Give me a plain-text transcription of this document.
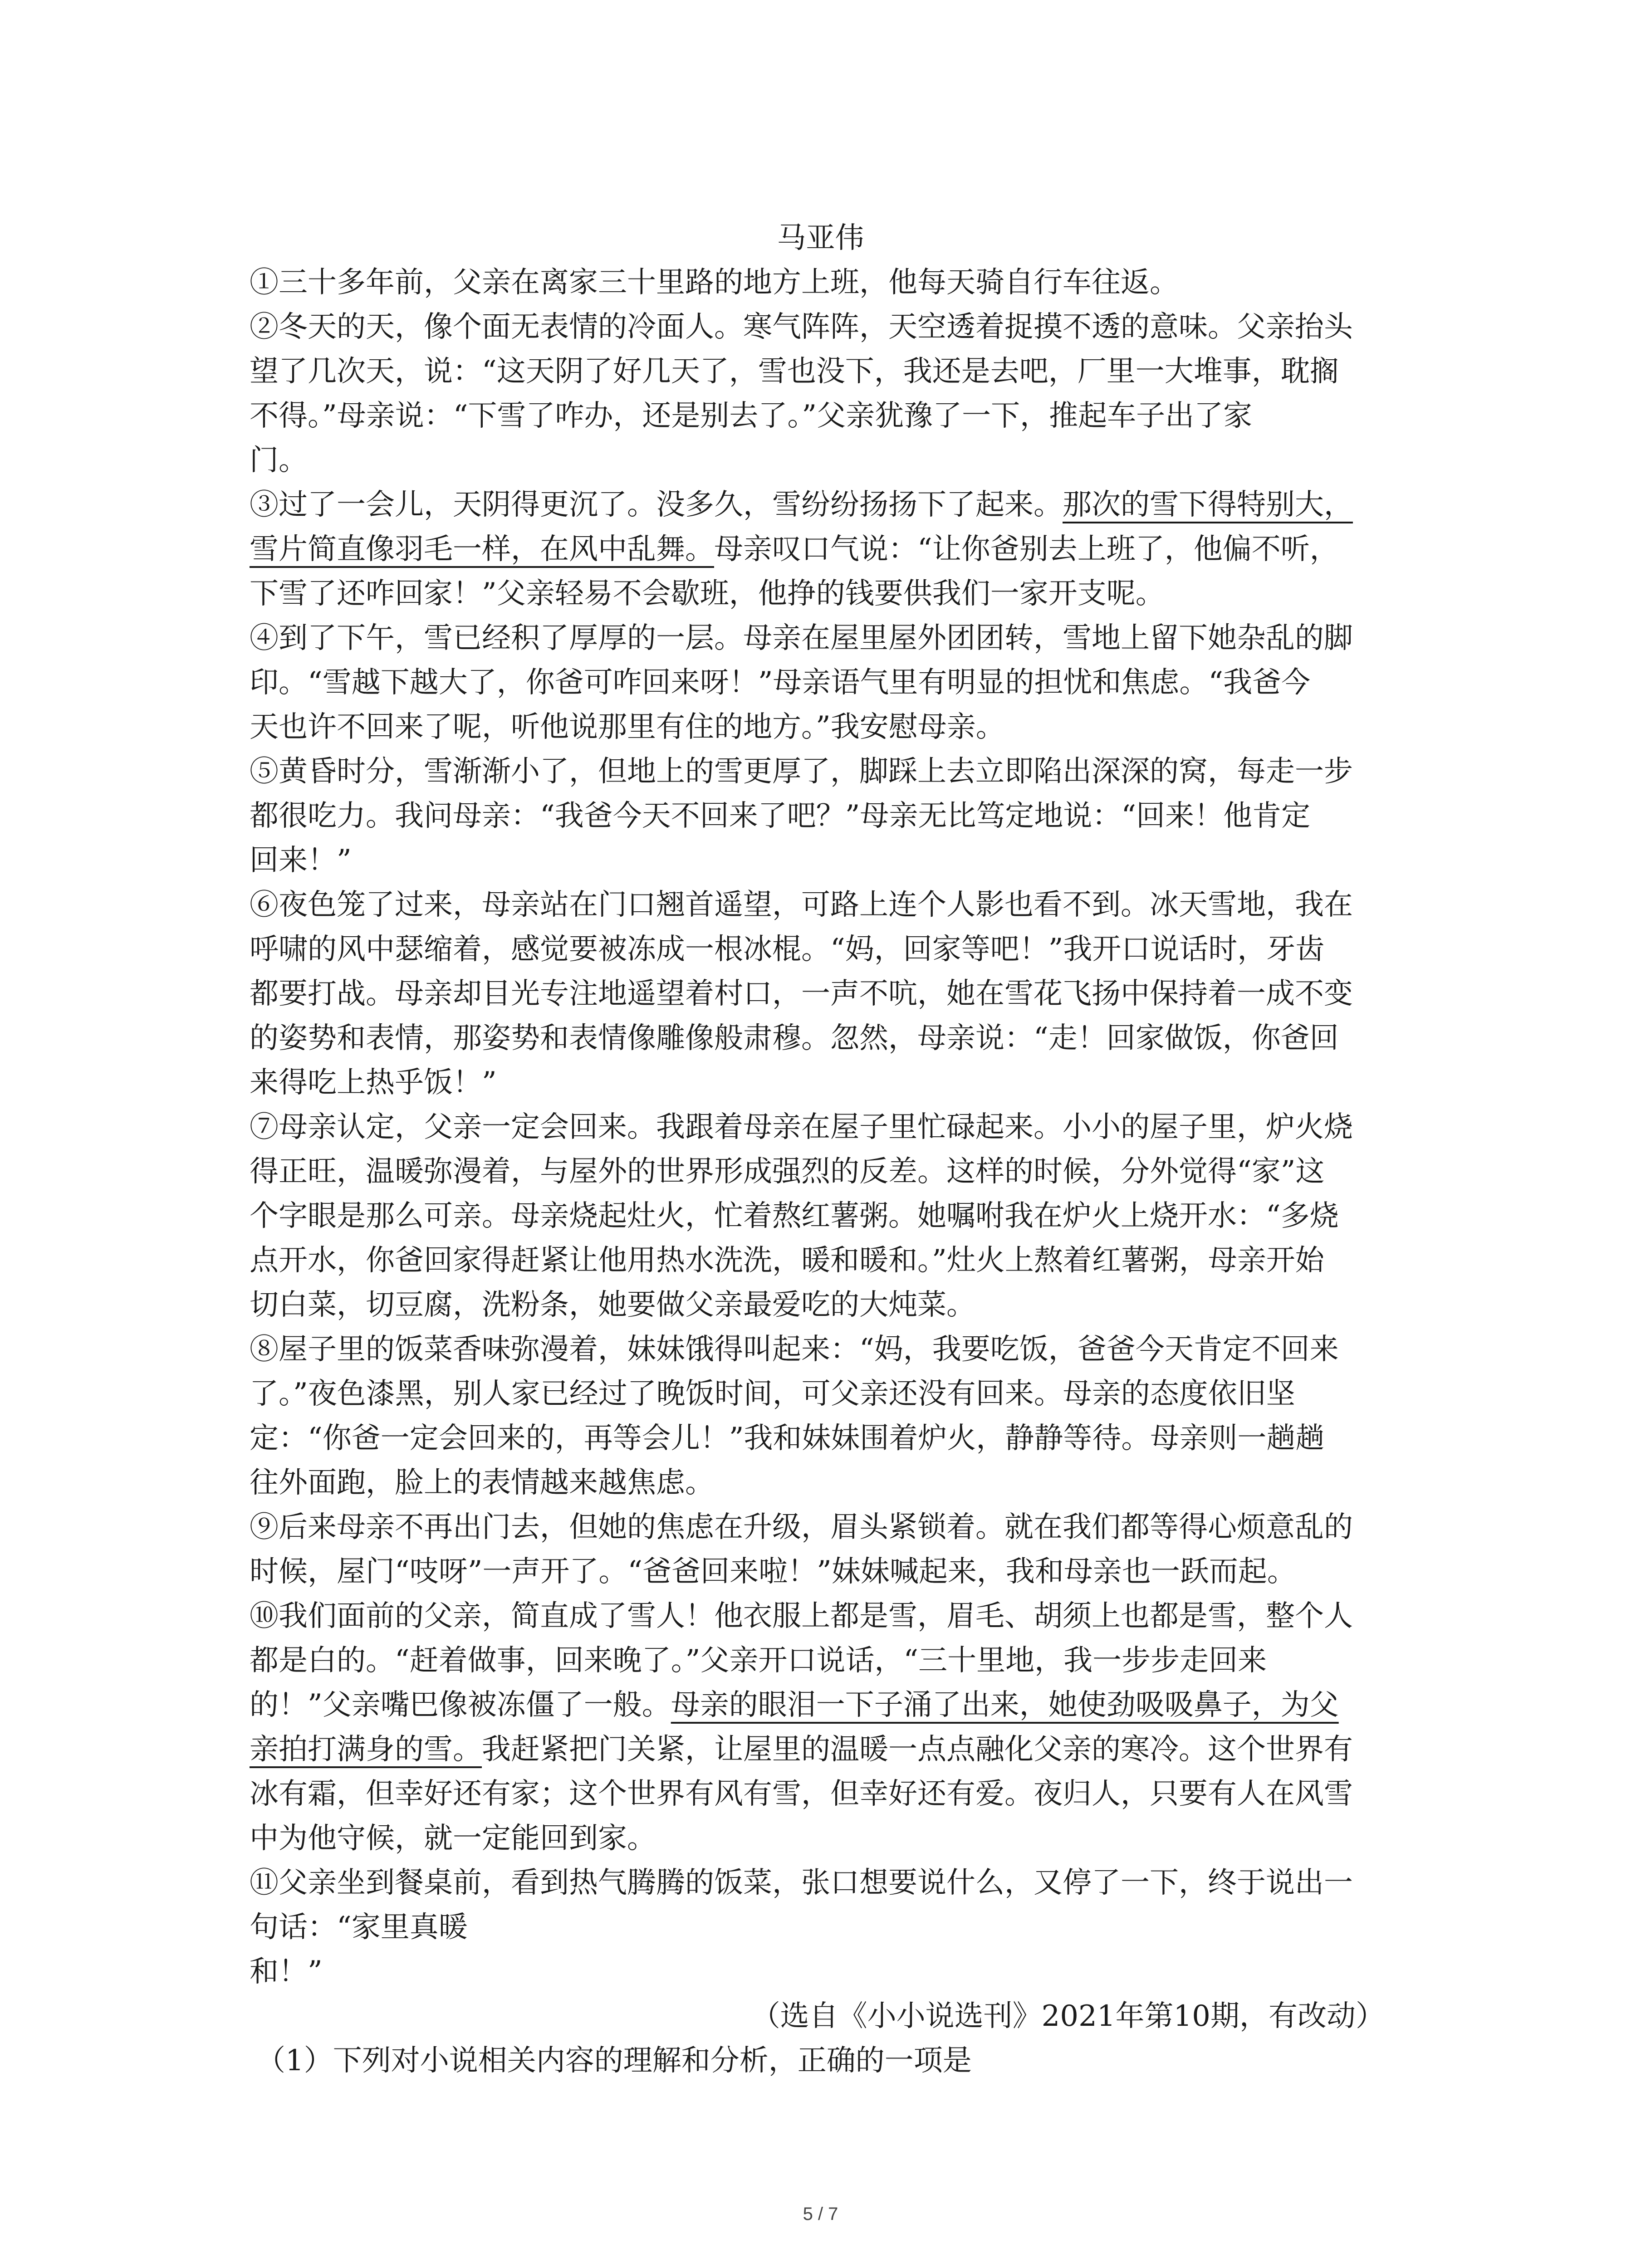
马亚伟

①三十多年前，父亲在离家三十里路的地方上班，他每天骑自行车往返。

②冬天的天，像个面无表情的冷面人。寒气阵阵，天空透着捉摸不透的意味。父亲抬头

望了几次天，说：“这天阴了好几天了，雪也没下，我还是去吧，厂里一大堆事，耽搁

不得。”母亲说：“下雪了咋办，还是别去了。”父亲犹豫了一下，推起车子出了家

门。

③过了一会儿，天阴得更沉了。没多久，雪纷纷扬扬下了起来。那次的雪下得特别大，

雪片简直像羽毛一样，在风中乱舞。母亲叹口气说：“让你爸别去上班了，他偏不听，

下雪了还咋回家！”父亲轻易不会歇班，他挣的钱要供我们一家开支呢。

④到了下午，雪已经积了厚厚的一层。母亲在屋里屋外团团转，雪地上留下她杂乱的脚

印。“雪越下越大了，你爸可咋回来呀！”母亲语气里有明显的担忧和焦虑。“我爸今

天也许不回来了呢，听他说那里有住的地方。”我安慰母亲。

⑤黄昏时分，雪渐渐小了，但地上的雪更厚了，脚踩上去立即陷出深深的窝，每走一步

都很吃力。我问母亲：“我爸今天不回来了吧？”母亲无比笃定地说：“回来！他肯定

回来！”

⑥夜色笼了过来，母亲站在门口翘首遥望，可路上连个人影也看不到。冰天雪地，我在

呼啸的风中瑟缩着，感觉要被冻成一根冰棍。“妈，回家等吧！”我开口说话时，牙齿

都要打战。母亲却目光专注地遥望着村口，一声不吭，她在雪花飞扬中保持着一成不变

的姿势和表情，那姿势和表情像雕像般肃穆。忽然，母亲说：“走！回家做饭，你爸回

来得吃上热乎饭！”

⑦母亲认定，父亲一定会回来。我跟着母亲在屋子里忙碌起来。小小的屋子里，炉火烧

得正旺，温暖弥漫着，与屋外的世界形成强烈的反差。这样的时候，分外觉得“家”这

个字眼是那么可亲。母亲烧起灶火，忙着熬红薯粥。她嘱咐我在炉火上烧开水：“多烧

点开水，你爸回家得赶紧让他用热水洗洗，暖和暖和。”灶火上熬着红薯粥，母亲开始

切白菜，切豆腐，洗粉条，她要做父亲最爱吃的大炖菜。

⑧屋子里的饭菜香味弥漫着，妹妹饿得叫起来：“妈，我要吃饭，爸爸今天肯定不回来

了。”夜色漆黑，别人家已经过了晚饭时间，可父亲还没有回来。母亲的态度依旧坚

定：“你爸一定会回来的，再等会儿！”我和妹妹围着炉火，静静等待。母亲则一趟趟

往外面跑，脸上的表情越来越焦虑。

⑨后来母亲不再出门去，但她的焦虑在升级，眉头紧锁着。就在我们都等得心烦意乱的

时候，屋门“吱呀”一声开了。“爸爸回来啦！”妹妹喊起来，我和母亲也一跃而起。

⑩我们面前的父亲，简直成了雪人！他衣服上都是雪，眉毛、胡须上也都是雪，整个人

都是白的。“赶着做事，回来晚了。”父亲开口说话，“三十里地，我一步步走回来

的！”父亲嘴巴像被冻僵了一般。母亲的眼泪一下子涌了出来，她使劲吸吸鼻子，为父

亲拍打满身的雪。我赶紧把门关紧，让屋里的温暖一点点融化父亲的寒冷。这个世界有

冰有霜，但幸好还有家；这个世界有风有雪，但幸好还有爱。夜归人，只要有人在风雪

中为他守候，就一定能回到家。

⑪父亲坐到餐桌前，看到热气腾腾的饭菜，张口想要说什么，又停了一下，终于说出一

句话：“家里真暖

和！”

（选自《小小说选刊》2021年第10期，有改动）

（1）下列对小说相关内容的理解和分析，正确的一项是

5 / 7
